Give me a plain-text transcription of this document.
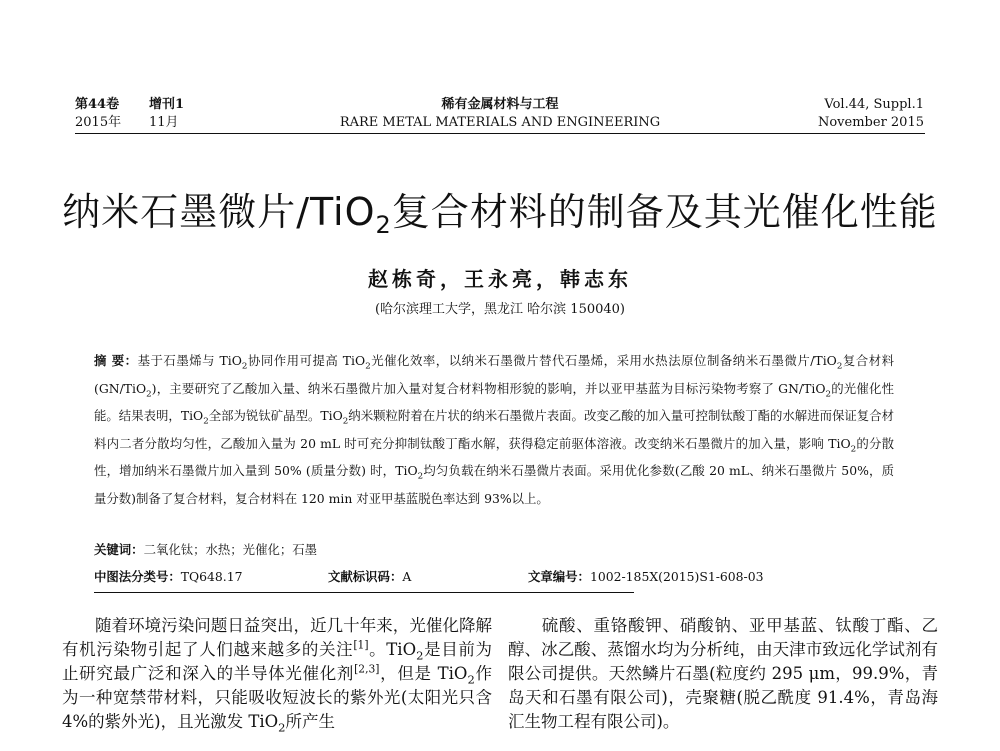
第44卷 增刊1
2015年 11月
稀有金属材料与工程
RARE METAL MATERIALS AND ENGINEERING
Vol.44, Suppl.1
November 2015
纳米石墨微片/TiO$_2$复合材料的制备及其光催化性能
赵栋奇，王永亮，韩志东
(哈尔滨理工大学，黑龙江 哈尔滨 150040)

摘 要：基于石墨烯与 TiO$_2$协同作用可提高 TiO$_2$光催化效率，以纳米石墨微片替代石墨烯，采用水热法原位制备纳米石墨微片/TiO$_2$复合材料(GN/TiO$_2$)，主要研究了乙酸加入量、纳米石墨微片加入量对复合材料物相形貌的影响，并以亚甲基蓝为目标污染物考察了 GN/TiO$_2$的光催化性能。结果表明，TiO$_2$全部为锐钛矿晶型。TiO$_2$纳米颗粒附着在片状的纳米石墨微片表面。改变乙酸的加入量可控制钛酸丁酯的水解进而保证复合材料内二者分散均匀性，乙酸加入量为 20 mL 时可充分抑制钛酸丁酯水解，获得稳定前驱体溶液。改变纳米石墨微片的加入量，影响 TiO$_2$的分散性，增加纳米石墨微片加入量到 50% (质量分数) 时，TiO$_2$均匀负载在纳米石墨微片表面。采用优化参数(乙酸 20 mL、纳米石墨微片 50%，质量分数)制备了复合材料，复合材料在 120 min 对亚甲基蓝脱色率达到 93%以上。

关键词：二氧化钛；水热；光催化；石墨
中图法分类号：TQ648.17	文献标识码：A	文章编号：1002-185X(2015)S1-608-03

随着环境污染问题日益突出，近几十年来，光催化降解有机污染物引起了人们越来越多的关注[1]。TiO$_2$是目前为止研究最广泛和深入的半导体光催化剂[2,3]，但是 TiO$_2$作为一种宽禁带材料，只能吸收短波长的紫外光(太阳光只含 4%的紫外光)，且光激发 TiO$_2$所产生

硫酸、重铬酸钾、硝酸钠、亚甲基蓝、钛酸丁酯、乙醇、冰乙酸、蒸馏水均为分析纯，由天津市致远化学试剂有限公司提供。天然鳞片石墨(粒度约 295 μm，99.9%，青岛天和石墨有限公司)，壳聚糖(脱乙酰度 91.4%，青岛海汇生物工程有限公司)。
